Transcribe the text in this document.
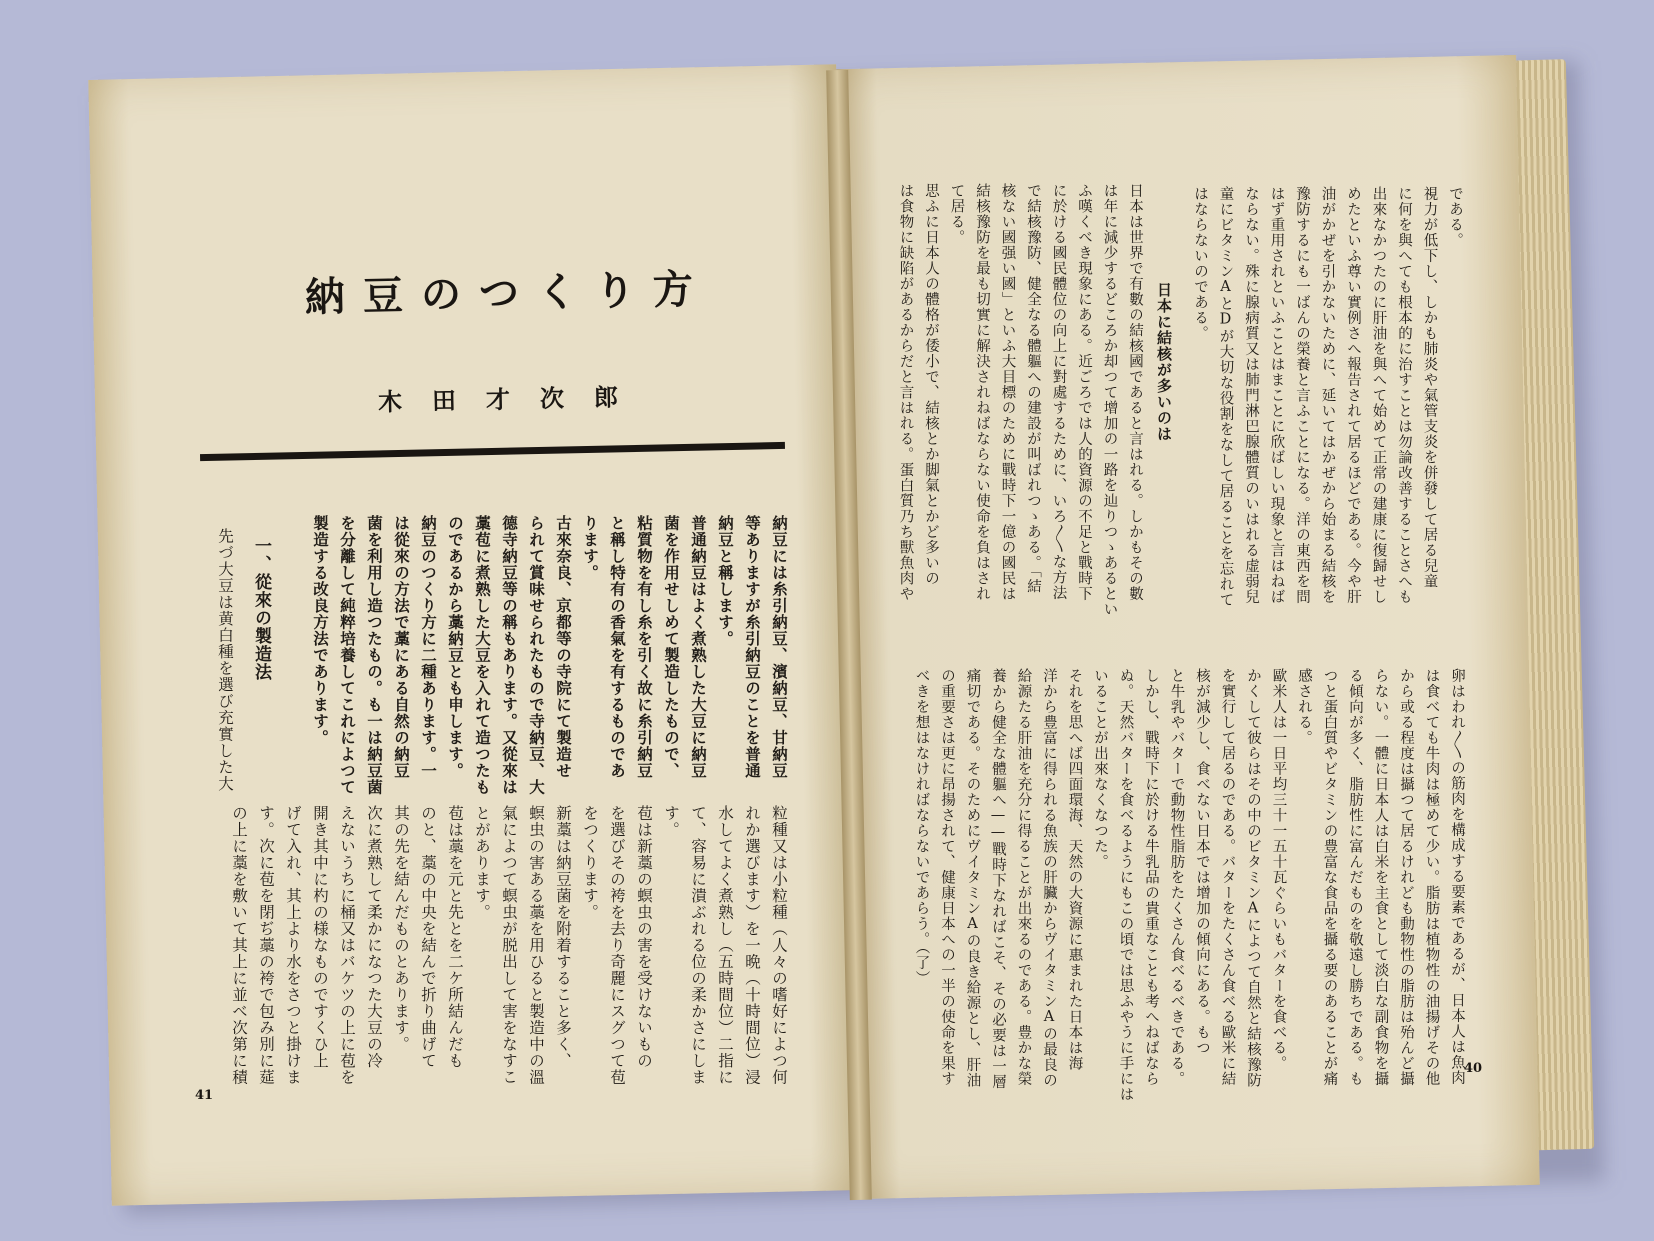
納豆のつくり方
木田才次郎
納豆には糸引納豆、濱納豆、甘納豆
等ありますが糸引納豆のことを普通
納豆と稱します。
普通納豆はよく煮熟した大豆に納豆
菌を作用せしめて製造したもので、
粘質物を有し糸を引く故に糸引納豆
と稱し特有の香氣を有するものであ
ります。
古來奈良、京都等の寺院にて製造せ
られて賞味せられたもので寺納豆、大
德寺納豆等の稱もあります。又從來は
藁苞に煮熟した大豆を入れて造つたも
のであるから藁納豆とも申します。
納豆のつくり方に二種あります。一
は從來の方法で藁にある自然の納豆
菌を利用し造つたもの。も一は納豆菌
を分離して純粹培養してこれによつて
製造する改良方法であります。
先づ大豆は黄白種を選び充實した大
粒種又は小粒種（人々の嗜好によつ何
れか選びます）を一晩（十時間位）浸
水してよく煮熟し（五時間位）二指に
て、容易に潰ぶれる位の柔かさにしま
す。
苞は新藁の螟虫の害を受けないもの
を選びその袴を去り奇麗にスグつて苞
をつくります。
新藁は納豆菌を附着すること多く、
螟虫の害ある藁を用ひると製造中の溫
氣によつて螟虫が脱出して害をなすこ
とがあります。
苞は藁を元と先とを二ケ所結んだも
のと、藁の中央を結んで折り曲げて
其の先を結んだものとあります。
次に煮熟して柔かになつた大豆の冷
えないうちに桶又はバケツの上に苞を
開き其中に杓の様なものですくひ上
げて入れ、其上より水をさつと掛けま
す。次に苞を閉ぢ藁の袴で包み別に莚
の上に藁を敷いて其上に並べ次第に積
一、從來の製造法
41
である。
視力が低下し、しかも肺炎や氣管支炎を併發して居る兒童
に何を與へても根本的に治すことは勿論改善することさへも
出來なかつたのに肝油を與へて始めて正常の建康に復歸せし
めたといふ尊い實例さへ報告されて居るほどである。今や肝
油がかぜを引かないために、延いてはかぜから始まる結核を
豫防するにも一ばんの榮養と言ふことになる。洋の東西を問
はず重用されといふことはまことに欣ばしい現象と言はねば
ならない。殊に腺病質又は肺門淋巴腺體質のいはれる虚弱兒
童にビタミンAとDが大切な役割をなして居ることを忘れて
はならないのである。
日本に結核が多いのは
日本は世界で有數の結核國であると言はれる。しかもその數
は年に減少するどころか却つて增加の一路を辿りつゝあるとい
ふ嘆くべき現象にある。近ごろでは人的資源の不足と戰時下
に於ける國民體位の向上に對處するために、いろ〳〵な方法
で結核豫防、健全なる體軀への建設が叫ばれつゝある。「結
核ない國强い國」といふ大目標のために戰時下一億の國民は
結核豫防を最も切實に解決されねばならない使命を負はされ
て居る。
思ふに日本人の體格が倭小で、結核とか脚氣とかど多いの
は食物に缺陷があるからだと言はれる。蛋白質乃ち獸魚肉や
卵はわれ〳〵の筋肉を構成する要素であるが、日本人は魚肉
は食べても牛肉は極めて少い。脂肪は植物性の油揚げその他
から或る程度は攝つて居るけれども動物性の脂肪は殆んど攝
らない。一體に日本人は白米を主食として淡白な副食物を攝
る傾向が多く、脂肪性に富んだものを敬遠し勝ちである。も
つと蛋白質やビタミンの豊富な食品を攝る要のあることが痛
感される。
歐米人は一日平均三十一五十瓦ぐらいもバターを食べる。
かくして彼らはその中のビタミンAによつて自然と結核豫防
を實行して居るのである。バターをたくさん食べる歐米に結
核が減少し、食べない日本では增加の傾向にある。もつ
と牛乳やバターで動物性脂肪をたくさん食べるべきである。
しかし、戰時下に於ける牛乳品の貴重なことも考へねばなら
ぬ。天然バターを食べるようにもこの頃では思ふやうに手には
いることが出來なくなつた。
それを思へば四面環海、天然の大資源に惠まれた日本は海
洋から豊富に得られる魚族の肝臟からヴイタミンAの最良の
給源たる肝油を充分に得ることが出來るのである。豊かな榮
養から健全な體軀へ——戰時下なればこそ、その必要は一層
痛切である。そのためにヴイタミンAの良き給源とし、肝油
の重要さは更に昂揚されて、健康日本への一半の使命を果す
べきを想はなければならないであらう。（了）
40
